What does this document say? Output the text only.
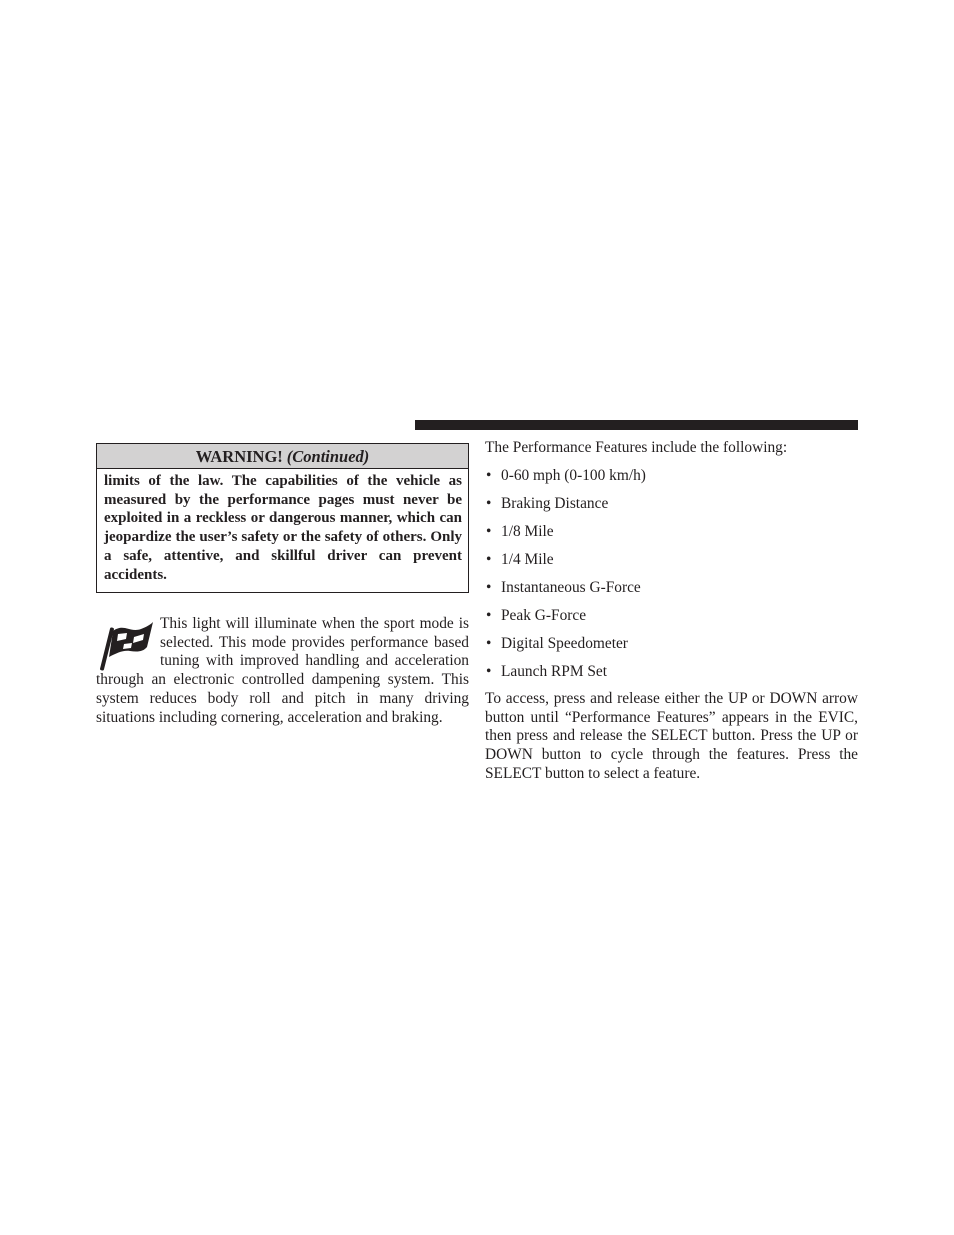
WARNING! (Continued)
limits of the law. The capabilities of the vehicle as measured by the performance pages must never be exploited in a reckless or dangerous manner, which can jeopardize the user’s safety or the safety of others. Only a safe, attentive, and skillful driver can prevent accidents.
This light will illuminate when the sport mode is selected. This mode provides performance based tuning with improved handling and acceleration through an electronic controlled dampening system. This system reduces body roll and pitch in many driving situations including cornering, acceleration and braking.
The Performance Features include the following:
• 0-60 mph (0-100 km/h)
• Braking Distance
• 1/8 Mile
• 1/4 Mile
• Instantaneous G-Force
• Peak G-Force
• Digital Speedometer
• Launch RPM Set
To access, press and release either the UP or DOWN arrow button until “Performance Features” appears in the EVIC, then press and release the SELECT button. Press the UP or DOWN button to cycle through the features. Press the SELECT button to select a feature.
